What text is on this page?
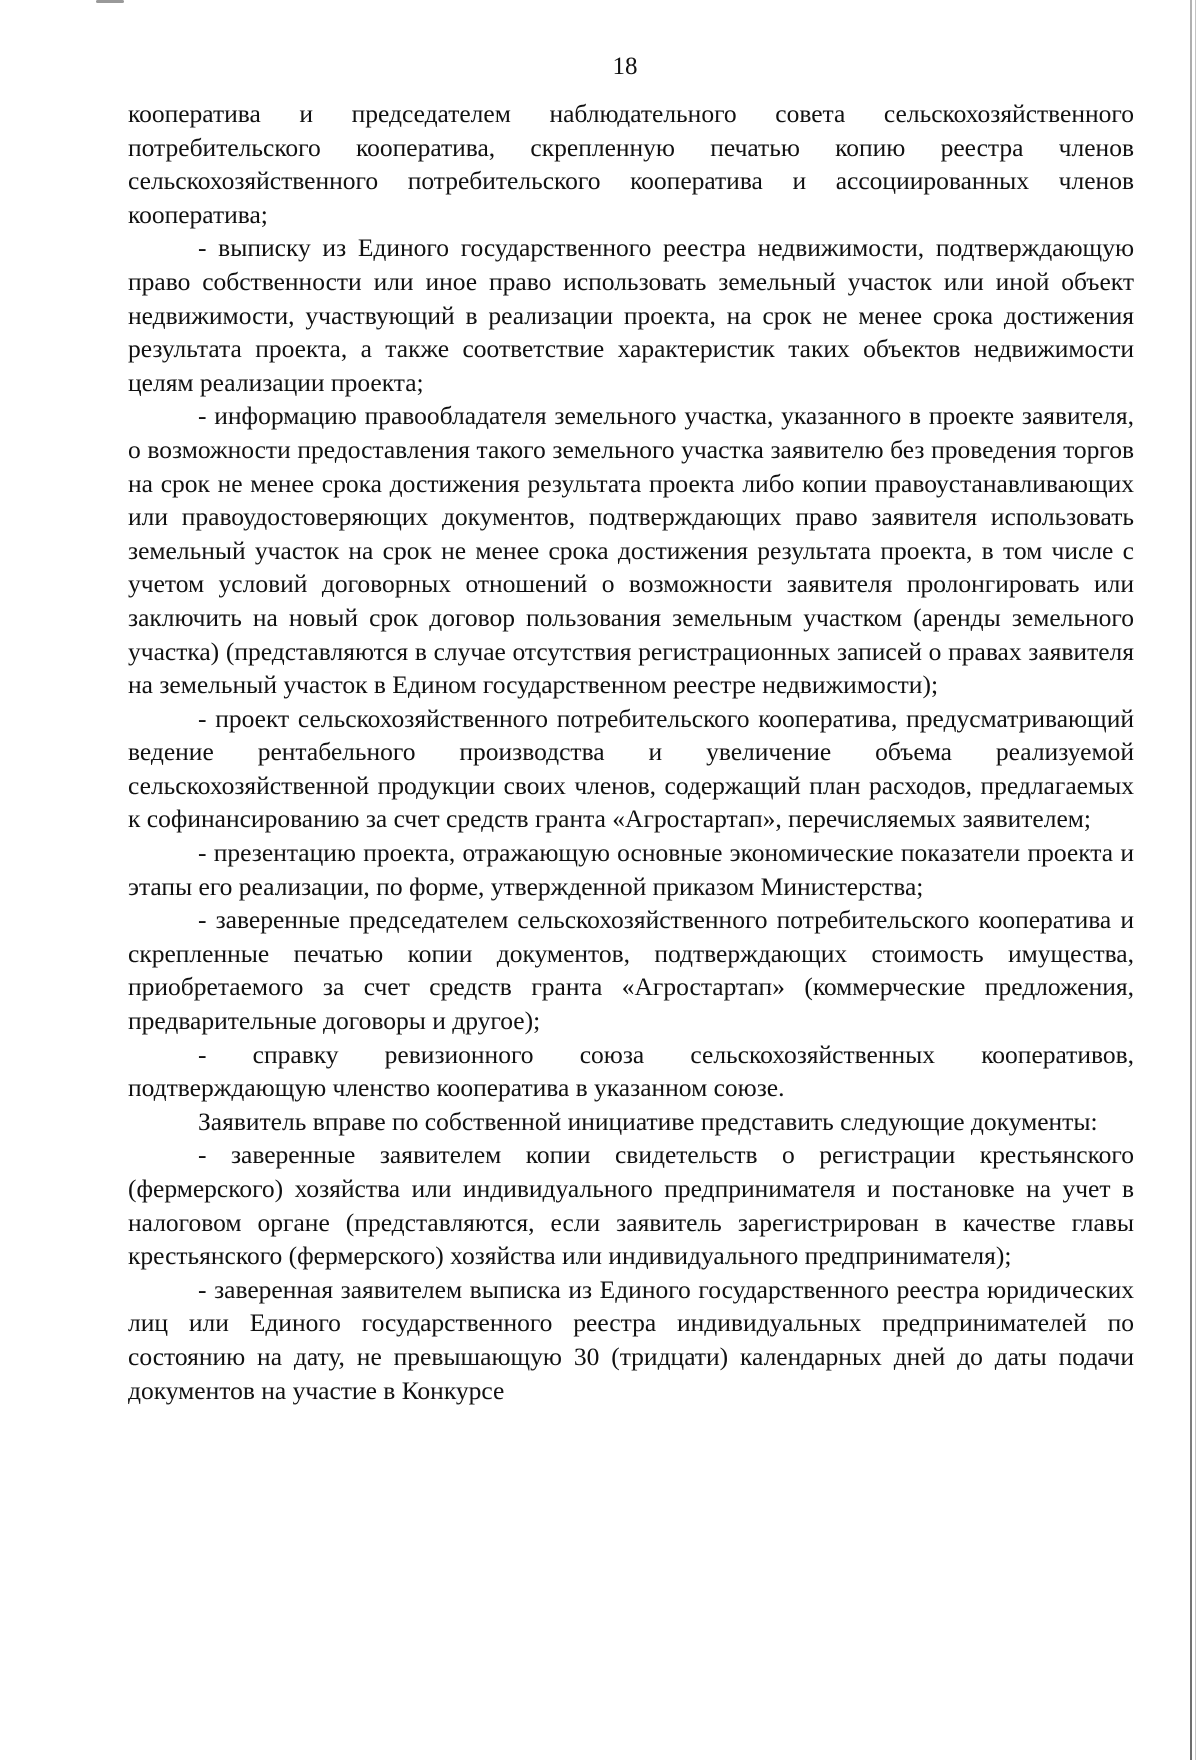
18

кооператива и председателем наблюдательного совета сельскохозяйственного потребительского кооператива, скрепленную печатью копию реестра членов сельскохозяйственного потребительского кооператива и ассоциированных членов кооператива;

- выписку из Единого государственного реестра недвижимости, подтверждающую право собственности или иное право использовать земельный участок или иной объект недвижимости, участвующий в реализации проекта, на срок не менее срока достижения результата проекта, а также соответствие характеристик таких объектов недвижимости целям реализации проекта;

- информацию правообладателя земельного участка, указанного в проекте заявителя, о возможности предоставления такого земельного участка заявителю без проведения торгов на срок не менее срока достижения результата проекта либо копии правоустанавливающих или правоудостоверяющих документов, подтверждающих право заявителя использовать земельный участок на срок не менее срока достижения результата проекта, в том числе с учетом условий договорных отношений о возможности заявителя пролонгировать или заключить на новый срок договор пользования земельным участком (аренды земельного участка) (представляются в случае отсутствия регистрационных записей о правах заявителя на земельный участок в Едином государственном реестре недвижимости);

- проект сельскохозяйственного потребительского кооператива, предусматривающий ведение рентабельного производства и увеличение объема реализуемой сельскохозяйственной продукции своих членов, содержащий план расходов, предлагаемых к софинансированию за счет средств гранта «Агростартап», перечисляемых заявителем;

- презентацию проекта, отражающую основные экономические показатели проекта и этапы его реализации, по форме, утвержденной приказом Министерства;

- заверенные председателем сельскохозяйственного потребительского кооператива и скрепленные печатью копии документов, подтверждающих стоимость имущества, приобретаемого за счет средств гранта «Агростартап» (коммерческие предложения, предварительные договоры и другое);

- справку ревизионного союза сельскохозяйственных кооперативов, подтверждающую членство кооператива в указанном союзе.

Заявитель вправе по собственной инициативе представить следующие документы:

- заверенные заявителем копии свидетельств о регистрации крестьянского (фермерского) хозяйства или индивидуального предпринимателя и постановке на учет в налоговом органе (представляются, если заявитель зарегистрирован в качестве главы крестьянского (фермерского) хозяйства или индивидуального предпринимателя);

- заверенная заявителем выписка из Единого государственного реестра юридических лиц или Единого государственного реестра индивидуальных предпринимателей по состоянию на дату, не превышающую 30 (тридцати) календарных дней до даты подачи документов на участие в Конкурсе
